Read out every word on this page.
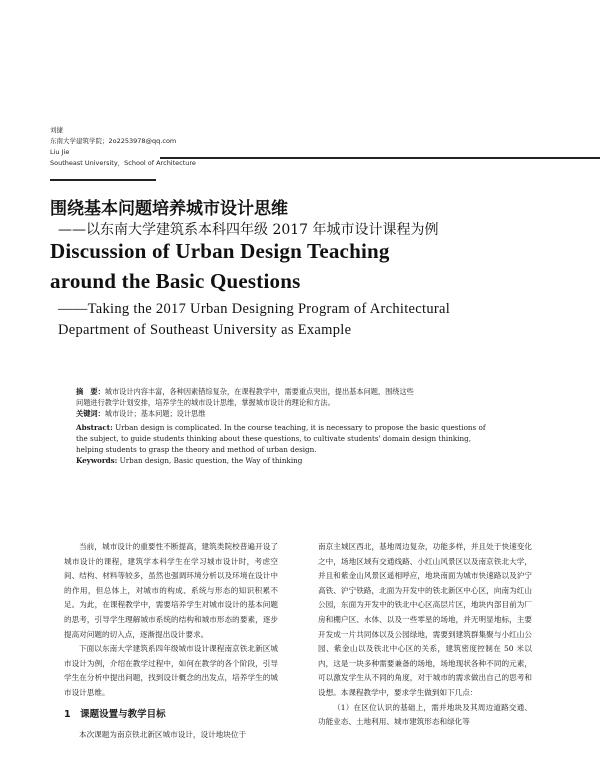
刘捷
东南大学建筑学院；2o2253978@qq.com
Liu Jie
Southeast University，School of Architecture
围绕基本问题培养城市设计思维
——以东南大学建筑系本科四年级 2017 年城市设计课程为例
Discussion of Urban Design Teaching
around the Basic Questions
——Taking the 2017 Urban Designing Program of Architectural
Department of Southeast University as Example

摘　要：城市设计内容丰富，各种因素错综复杂，在课程教学中，需要重点突出，提出基本问题，围绕这些

问题进行教学计划安排，培养学生的城市设计思维，掌握城市设计的理论和方法。

关键词：城市设计；基本问题；设计思维

Abstract: Urban design is complicated. In the course teaching, it is necessary to propose the basic questions of

the subject, to guide students thinking about these questions, to cultivate students' domain design thinking,

helping students to grasp the theory and method of urban design.

Keywords: Urban design, Basic question, the Way of thinking

当前，城市设计的重要性不断提高，建筑类院校普遍开设了城市设计的课程，建筑学本科学生在学习城市设计时，考虑空间、结构、材料等较多，虽然也强调环境分析以及环境在设计中的作用，但总体上，对城市的构成、系统与形态的知识积累不足。为此，在课程教学中，需要培养学生对城市设计的基本问题的思考，引导学生理解城市系统的结构和城市形态的要素，逐步提高对问题的切入点，逐渐提出设计要求。

下面以东南大学建筑系四年级城市设计课程南京铁北新区城市设计为例，介绍在教学过程中，如何在教学的各个阶段，引导学生在分析中提出问题，找到设计概念的出发点，培养学生的城市设计思维。

1　课题设置与教学目标

本次课题为南京铁北新区城市设计，设计地块位于

南京主城区西北，基地周边复杂，功能多样，并且处于快速变化之中，场地区域有交通线路、小红山风景区以及南京铁北大学，并且和紫金山风景区遥相呼应，地块南面为城市快速路以及沪宁高铁、沪宁铁路，北面为开发中的铁北新区中心区，向南为红山公园，东面为开发中的铁北中心区高层片区，地块内部目前为厂房和棚户区、水体、以及一些零星的场地，并无明显地标，主要开发成一片共同体以及公园绿地，需要到建筑群集聚与小红山公园、紫金山以及铁北中心区的关系，建筑密度控制在 50 米以内，这是一块多种需要兼备的场地，场地现状各种不同的元素，可以激发学生从不同的角度，对于城市的需求做出自己的思考和设想。本课程教学中，要求学生做到如下几点：

（1）在区位认识的基础上，需并地块及其周边道路交通、功能业态、土地利用、城市建筑形态和绿化等
